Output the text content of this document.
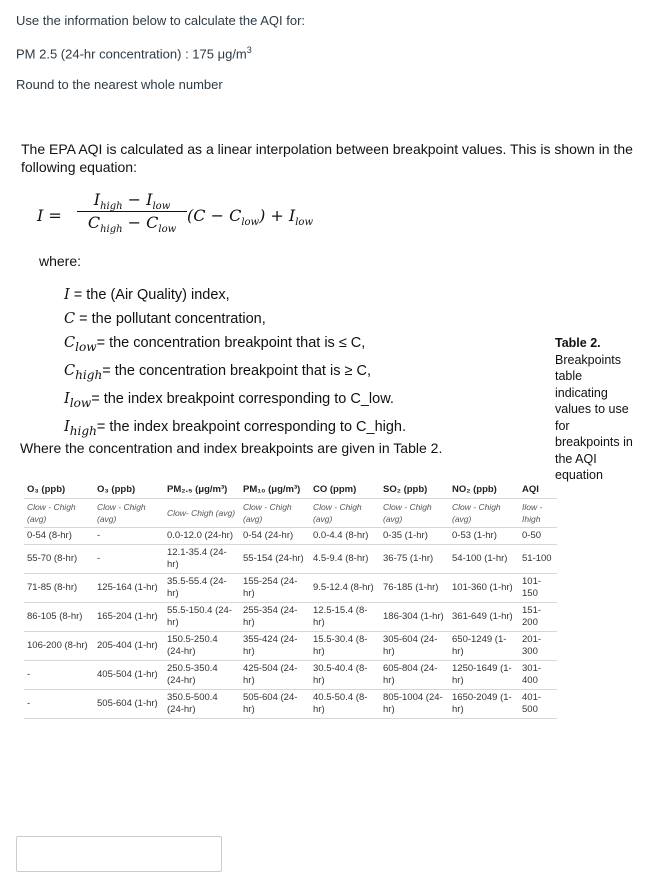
Use the information below to calculate the AQI for:
PM 2.5 (24-hr concentration) : 175 $\mu g/m^3$
Round to the nearest whole number
The EPA AQI is calculated as a linear interpolation between breakpoint values. This is shown in the following equation:
I =
$I_{high} - I_{low}$
$C_{high} - C_{low}$
$(C - C_{low}) + I_{low}$
where:
I = the (Air Quality) index,
C = the pollutant concentration,
$C_{low}=$ the concentration breakpoint that is ≤ C,
$C_{high}=$ the concentration breakpoint that is ≥ C,
$I_{low}=$ the index breakpoint corresponding to C_low.
$I_{high}=$ the index breakpoint corresponding to C_high.
Where the concentration and index breakpoints are given in Table 2.
O₃ (ppb)	O₃ (ppb)	PM₂.₅ (μg/m³)	PM₁₀ (μg/m³)	CO (ppm)	SO₂ (ppb)	NO₂ (ppb)	AQI
Clow - Chigh (avg)	Clow - Chigh (avg)	Clow- Chigh (avg)	Clow - Chigh (avg)	Clow - Chigh (avg)	Clow - Chigh (avg)	Clow - Chigh (avg)	Ilow - Ihigh
0-54 (8-hr)	-	0.0-12.0 (24-hr)	0-54 (24-hr)	0.0-4.4 (8-hr)	0-35 (1-hr)	0-53 (1-hr)	0-50
55-70 (8-hr)	-	12.1-35.4 (24-hr)	55-154 (24-hr)	4.5-9.4 (8-hr)	36-75 (1-hr)	54-100 (1-hr)	51-100
71-85 (8-hr)	125-164 (1-hr)	35.5-55.4 (24-hr)	155-254 (24-hr)	9.5-12.4 (8-hr)	76-185 (1-hr)	101-360 (1-hr)	101-150
86-105 (8-hr)	165-204 (1-hr)	55.5-150.4 (24-hr)	255-354 (24-hr)	12.5-15.4 (8-hr)	186-304 (1-hr)	361-649 (1-hr)	151-200
106-200 (8-hr)	205-404 (1-hr)	150.5-250.4 (24-hr)	355-424 (24-hr)	15.5-30.4 (8-hr)	305-604 (24-hr)	650-1249 (1-hr)	201-300
-	405-504 (1-hr)	250.5-350.4 (24-hr)	425-504 (24-hr)	30.5-40.4 (8-hr)	605-804 (24-hr)	1250-1649 (1-hr)	301-400
-	505-604 (1-hr)	350.5-500.4 (24-hr)	505-604 (24-hr)	40.5-50.4 (8-hr)	805-1004 (24-hr)	1650-2049 (1-hr)	401-500
Table 2. Breakpoints table indicating values to use for breakpoints in the AQI equation
